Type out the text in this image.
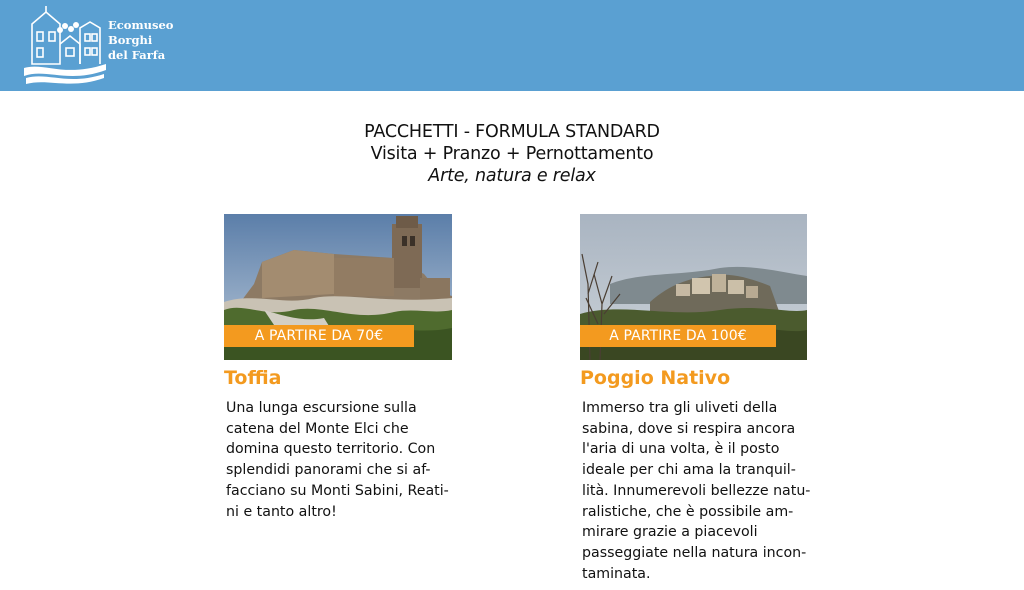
Ecomuseo
Borghi
del Farfa
PACCHETTI - FORMULA STANDARD
Visita + Pranzo + Pernottamento
Arte, natura e relax
A PARTIRE DA 70€
Toffia
Una lunga escursione sulla
catena del Monte Elci che
domina questo territorio. Con
splendidi panorami che si af-
facciano su Monti Sabini, Reati-
ni e tanto altro!
A PARTIRE DA 100€
Poggio Nativo
Immerso tra gli uliveti della
sabina, dove si respira ancora
l'aria di una volta, è il posto
ideale per chi ama la tranquil-
lità. Innumerevoli bellezze natu-
ralistiche, che è possibile am-
mirare grazie a piacevoli
passeggiate nella natura incon-
taminata.
